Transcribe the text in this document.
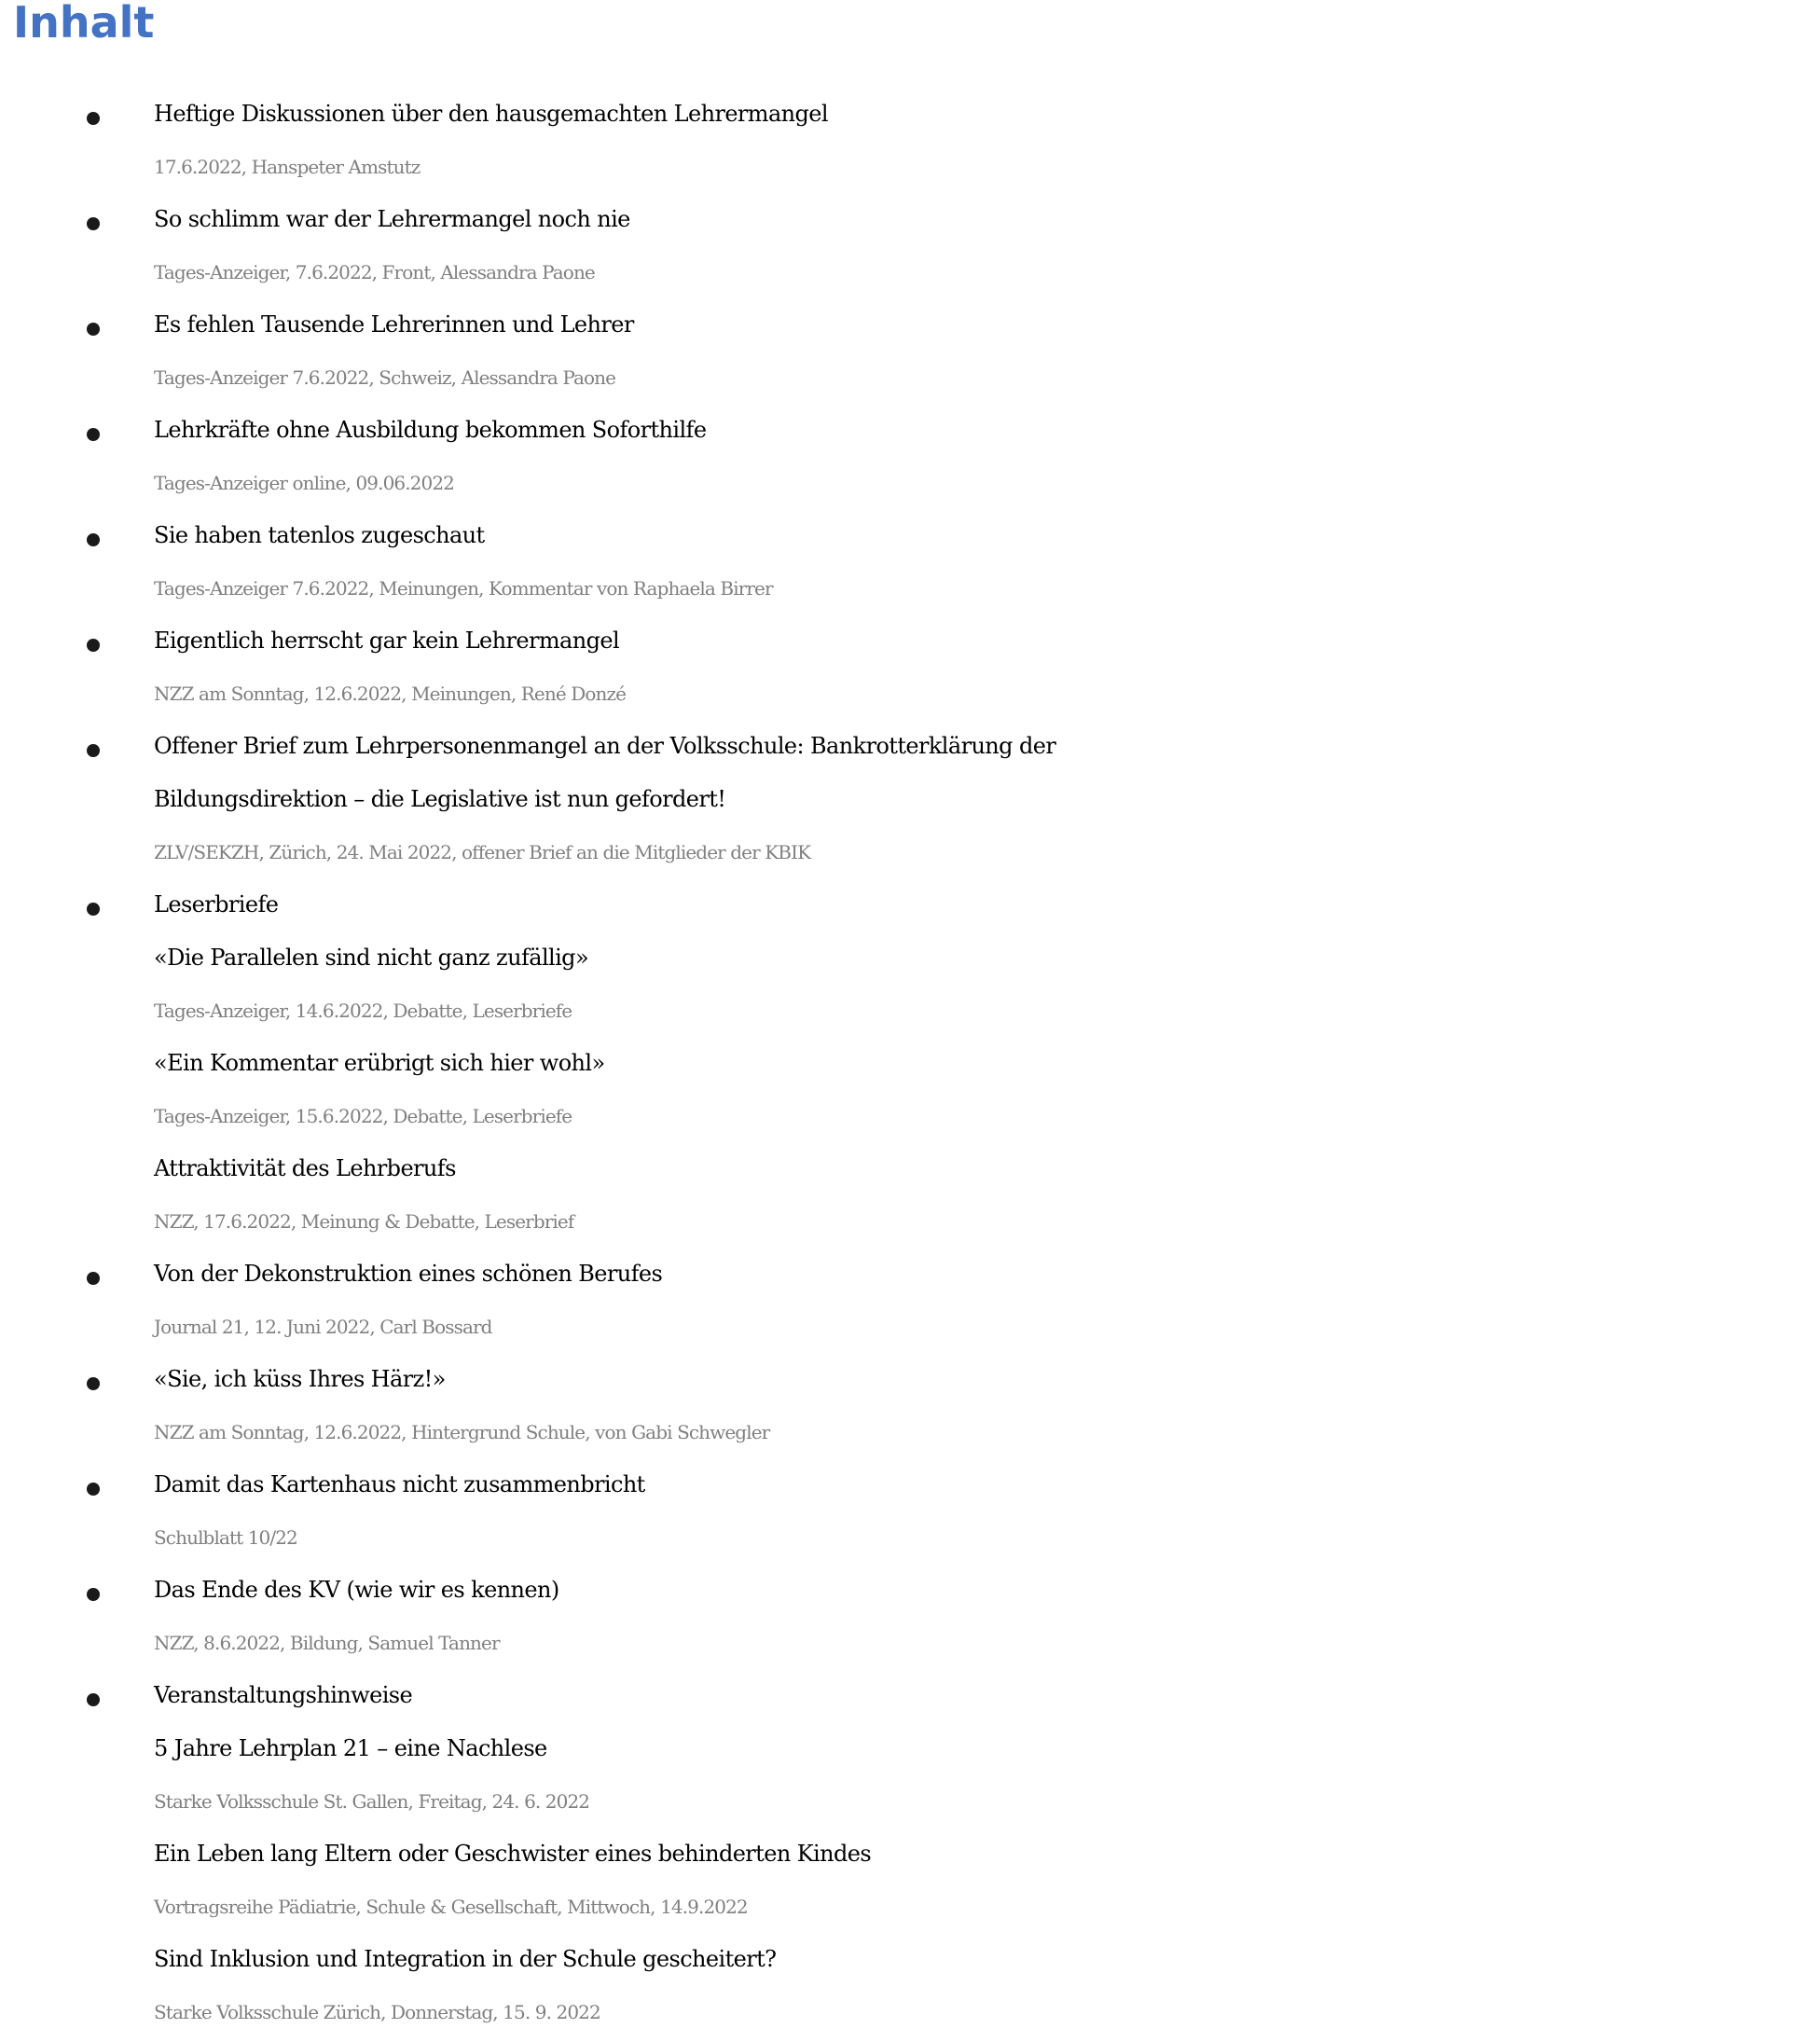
Inhalt
Heftige Diskussionen über den hausgemachten Lehrermangel
17.6.2022, Hanspeter Amstutz
So schlimm war der Lehrermangel noch nie
Tages-Anzeiger, 7.6.2022, Front, Alessandra Paone
Es fehlen Tausende Lehrerinnen und Lehrer
Tages-Anzeiger 7.6.2022, Schweiz, Alessandra Paone
Lehrkräfte ohne Ausbildung bekommen Soforthilfe
Tages-Anzeiger online, 09.06.2022
Sie haben tatenlos zugeschaut
Tages-Anzeiger 7.6.2022, Meinungen, Kommentar von Raphaela Birrer
Eigentlich herrscht gar kein Lehrermangel
NZZ am Sonntag, 12.6.2022, Meinungen, René Donzé
Offener Brief zum Lehrpersonenmangel an der Volksschule: Bankrotterklärung der
Bildungsdirektion – die Legislative ist nun gefordert!
ZLV/SEKZH, Zürich, 24. Mai 2022, offener Brief an die Mitglieder der KBIK
Leserbriefe
«Die Parallelen sind nicht ganz zufällig»
Tages-Anzeiger, 14.6.2022, Debatte, Leserbriefe
«Ein Kommentar erübrigt sich hier wohl»
Tages-Anzeiger, 15.6.2022, Debatte, Leserbriefe
Attraktivität des Lehrberufs
NZZ, 17.6.2022, Meinung & Debatte, Leserbrief
Von der Dekonstruktion eines schönen Berufes
Journal 21, 12. Juni 2022, Carl Bossard
«Sie, ich küss Ihres Härz!»
NZZ am Sonntag, 12.6.2022, Hintergrund Schule, von Gabi Schwegler
Damit das Kartenhaus nicht zusammenbricht
Schulblatt 10/22
Das Ende des KV (wie wir es kennen)
NZZ, 8.6.2022, Bildung, Samuel Tanner
Veranstaltungshinweise
5 Jahre Lehrplan 21 – eine Nachlese
Starke Volksschule St. Gallen, Freitag, 24. 6. 2022
Ein Leben lang Eltern oder Geschwister eines behinderten Kindes
Vortragsreihe Pädiatrie, Schule & Gesellschaft, Mittwoch, 14.9.2022
Sind Inklusion und Integration in der Schule gescheitert?
Starke Volksschule Zürich, Donnerstag, 15. 9. 2022
